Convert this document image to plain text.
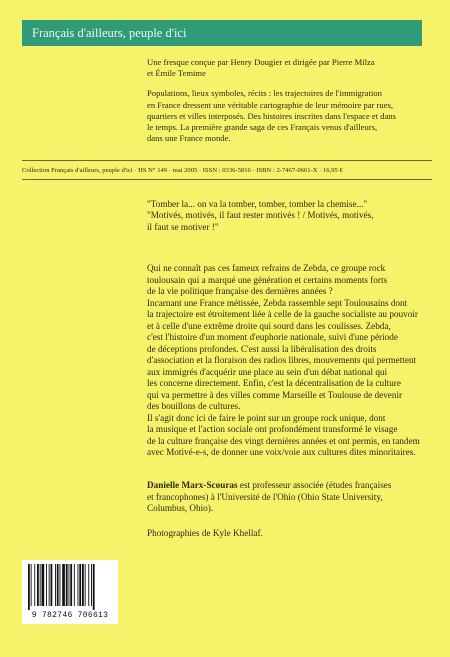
Français d'ailleurs, peuple d'ici

Une fresque conçue par Henry Dougier et dirigée par Pierre Milza
et Émile Temime

Populations, lieux symboles, récits : les trajectoires de l'immigration
en France dressent une véritable cartographie de leur mémoire par rues,
quartiers et villes interposés. Des histoires inscrites dans l'espace et dans
le temps. La première grande saga de ces Français venus d'ailleurs,
dans une France monde.

Collection Français d'ailleurs, peuple d'ici · HS N° 149 · mai 2005 · ISSN : 0336-5816 · ISBN : 2-7467-0661-X · 16,95 €
"Tomber la... on va la tomber, tomber, tomber la chemise..."
"Motivés, motivés, il faut rester motivés ! / Motivés, motivés,
il faut se motiver !"
Qui ne connaît pas ces fameux refrains de Zebda, ce groupe rock
toulousain qui a marqué une génération et certains moments forts
de la vie politique française des dernières années ?
Incarnant une France métissée, Zebda rassemble sept Toulousains dont
la trajectoire est étroitement liée à celle de la gauche socialiste au pouvoir
et à celle d'une extrême droite qui sourd dans les coulisses. Zebda,
c'est l'histoire d'un moment d'euphorie nationale, suivi d'une période
de déceptions profondes. C'est aussi la libéralisation des droits
d'association et la floraison des radios libres, mouvements qui permettent
aux immigrés d'acquérir une place au sein d'un débat national qui
les concerne directement. Enfin, c'est la décentralisation de la culture
qui va permettre à des villes comme Marseille et Toulouse de devenir
des bouillons de cultures.
Il s'agit donc ici de faire le point sur un groupe rock unique, dont
la musique et l'action sociale ont profondément transformé le visage
de la culture française des vingt dernières années et ont permis, en tandem
avec Motivé-e-s, de donner une voix/voie aux cultures dites minoritaires.
Danielle Marx-Scouras est professeur associée (études françaises
et francophones) à l'Université de l'Ohio (Ohio State University,
Columbus, Ohio).
Photographies de Kyle Khellaf.
9 782746 706613
